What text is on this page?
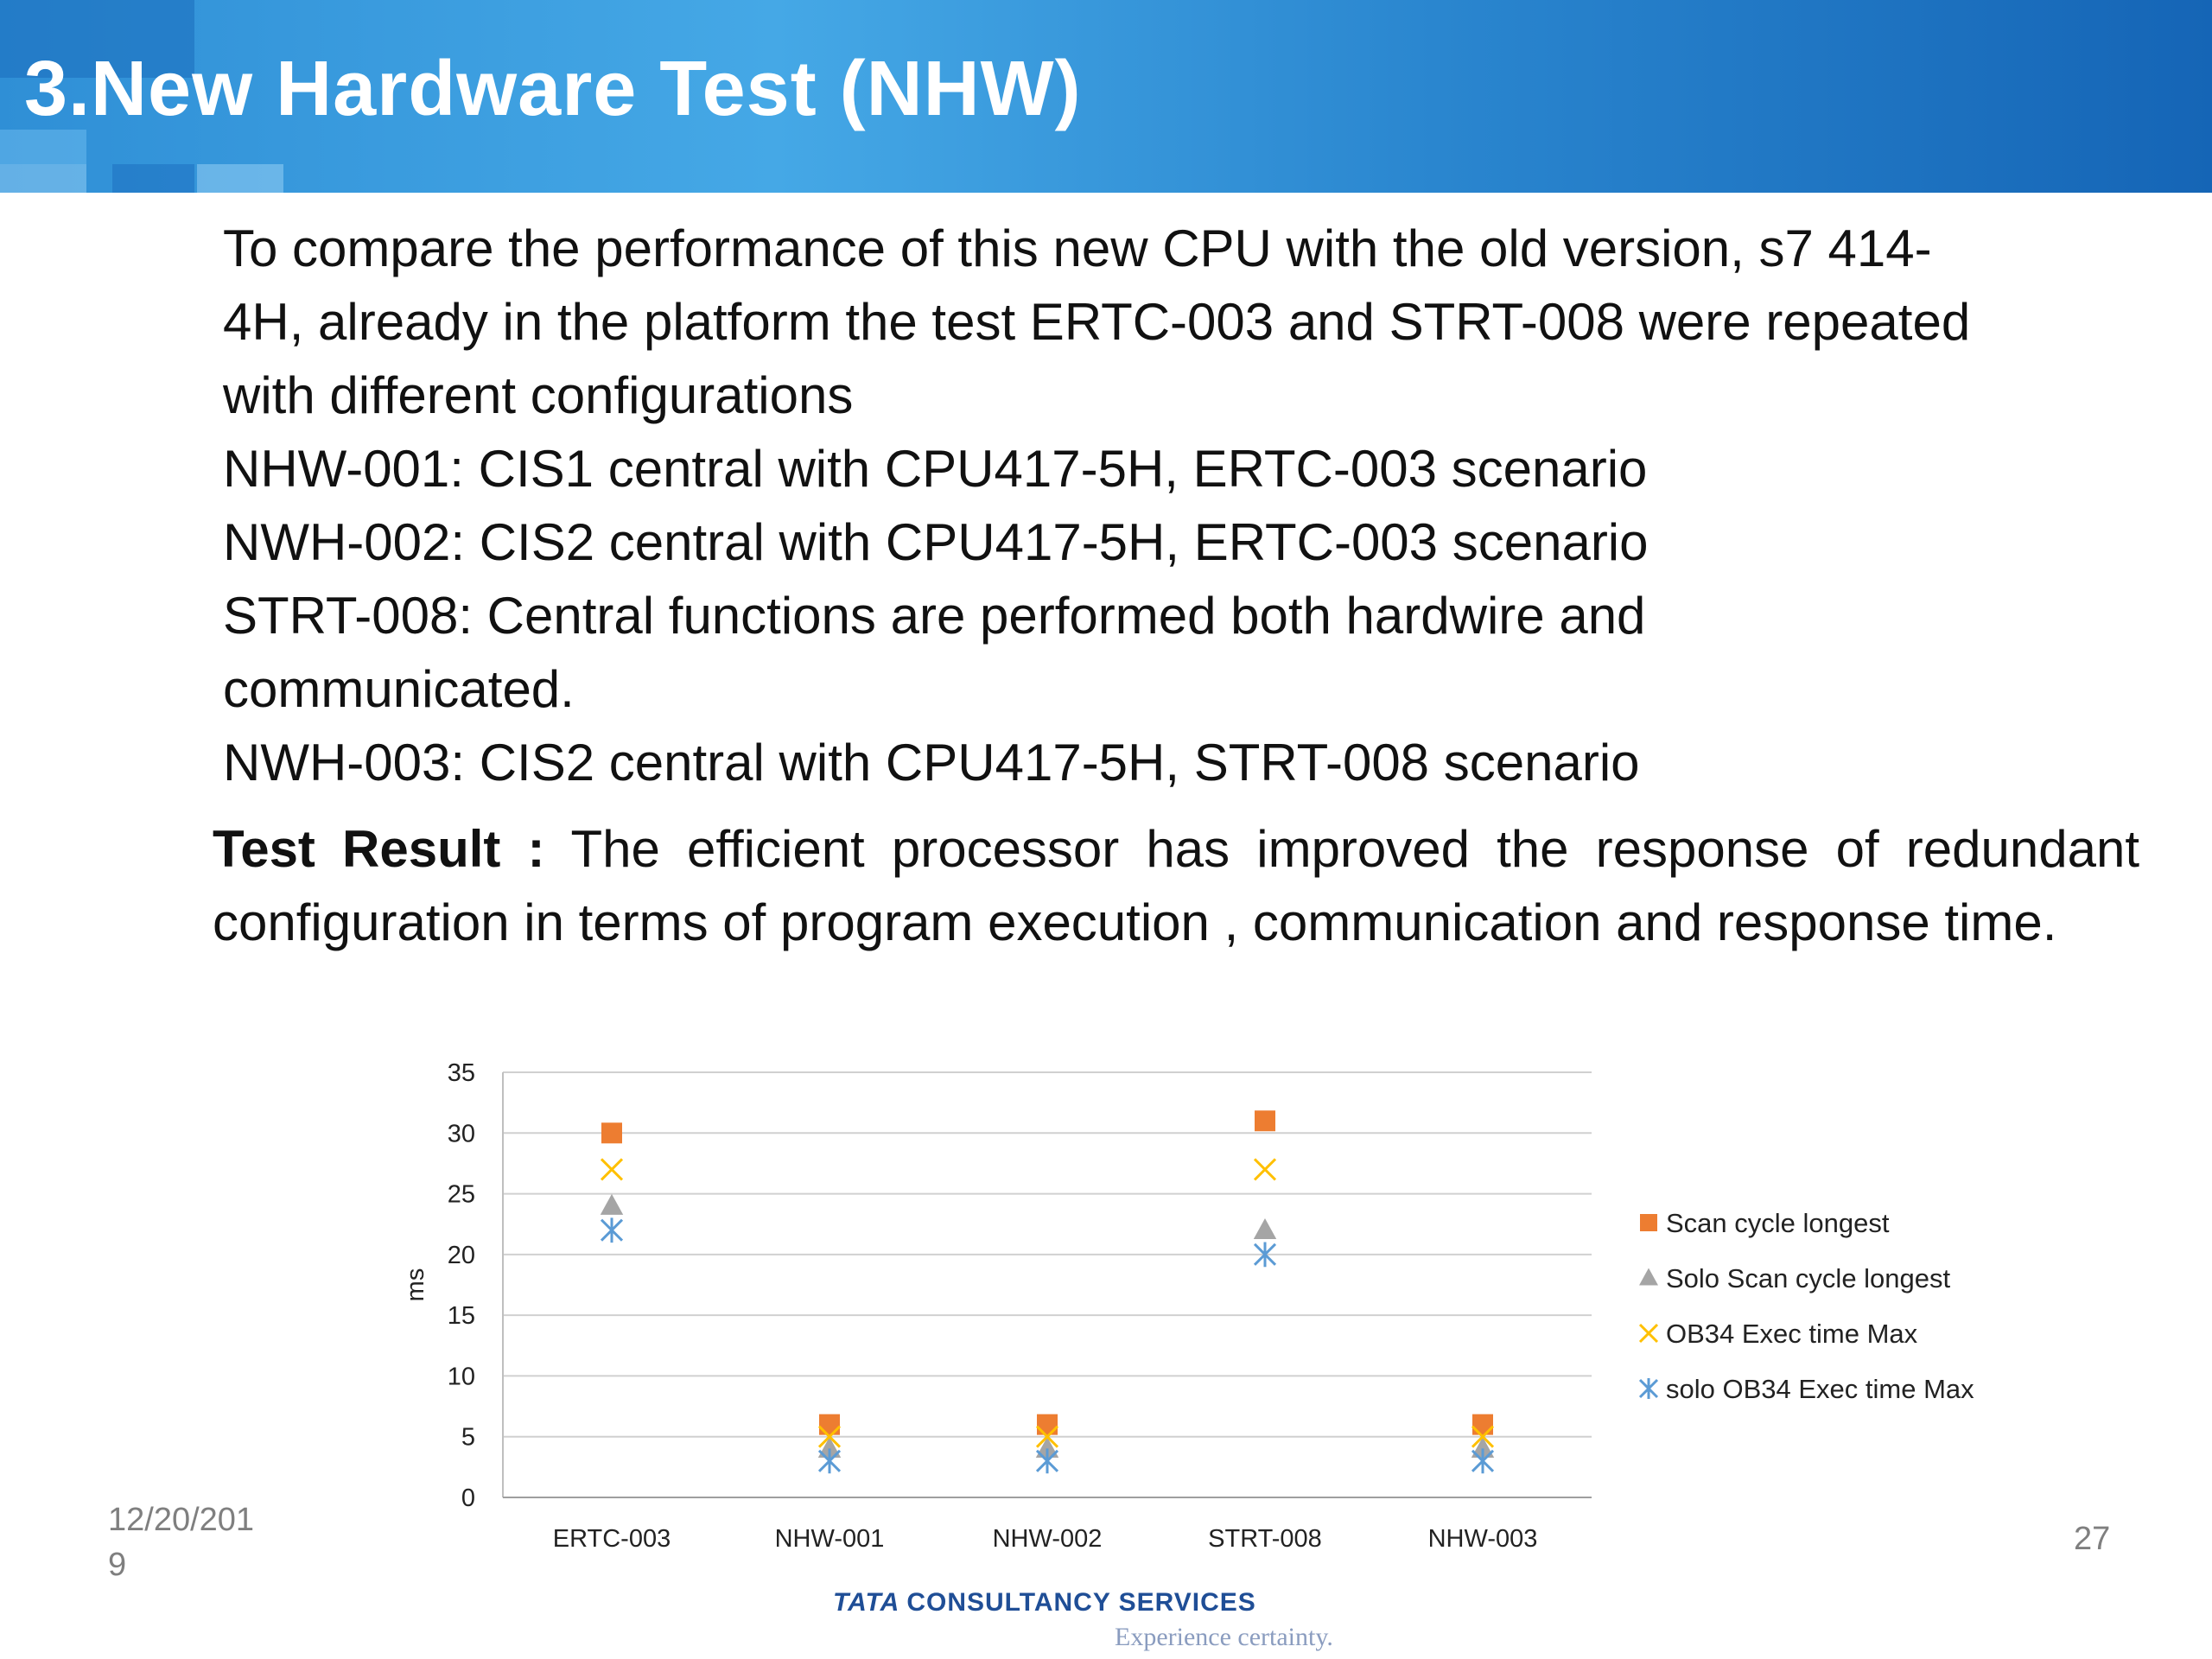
3.New Hardware Test (NHW)
To compare the performance of this new CPU with the old version, s7 414-
4H, already in the platform the test ERTC-003 and STRT-008 were repeated
with different configurations
NHW-001: CIS1 central with CPU417-5H, ERTC-003 scenario
NWH-002: CIS2 central with CPU417-5H, ERTC-003 scenario
STRT-008: Central functions are performed both hardwire and
communicated.
NWH-003: CIS2 central with CPU417-5H, STRT-008 scenario
Test Result : The efficient processor has improved the response of redundant configuration in terms of program execution , communication and response time.
0
5
10
15
20
25
30
35
ERTC-003	NHW-001	NHW-002	STRT-008	NHW-003
ms
Scan cycle longest
Solo Scan cycle longest
OB34 Exec time Max
solo OB34 Exec time Max
12/20/201
9
27
TATA CONSULTANCY SERVICES
Experience certainty.
